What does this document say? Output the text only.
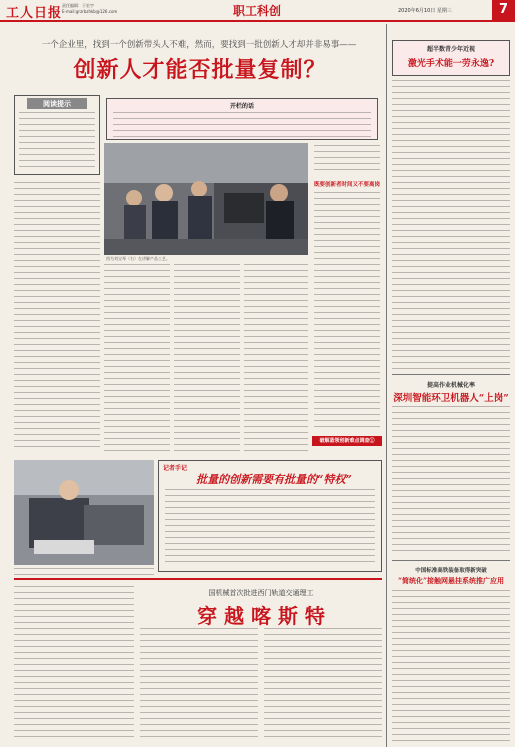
工人日报
责任编辑：于宏宇
E-mail:grzrbzhkb@126.com	职工科创	2020年6月10日 星期三	7
一个企业里，找到一个创新带头人不难，然而，要找到一批创新人才却并非易事——
创新人才能否批量复制？
阅读提示	开栏的话
图为刘宝琴（右）在讲解产品工艺。
既要创新者时间又不要离岗
破解蓝领创新难点调查①
记者手记
批量的创新需要有批量的“特权”
国机械首次批进西门轨道交通理工
穿 越 喀 斯 特
超半数青少年近视
激光手术能一劳永逸?
提高作业机械化率
深圳智能环卫机器人“上岗”
中国标准高铁装备取得新突破
“简统化”接触网悬挂系统推广应用
